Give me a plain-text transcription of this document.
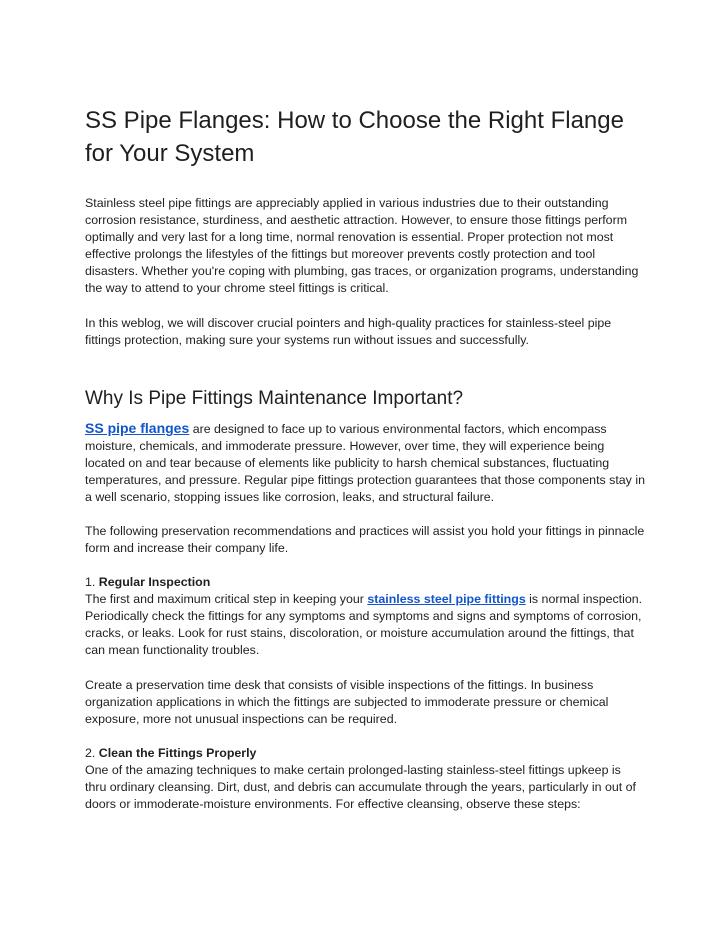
SS Pipe Flanges: How to Choose the Right Flange for Your System

Stainless steel pipe fittings are appreciably applied in various industries due to their outstanding corrosion resistance, sturdiness, and aesthetic attraction. However, to ensure those fittings perform optimally and very last for a long time, normal renovation is essential. Proper protection not most effective prolongs the lifestyles of the fittings but moreover prevents costly protection and tool disasters. Whether you're coping with plumbing, gas traces, or organization programs, understanding the way to attend to your chrome steel fittings is critical.

In this weblog, we will discover crucial pointers and high-quality practices for stainless-steel pipe fittings protection, making sure your systems run without issues and successfully.

Why Is Pipe Fittings Maintenance Important?

SS pipe flanges are designed to face up to various environmental factors, which encompass moisture, chemicals, and immoderate pressure. However, over time, they will experience being located on and tear because of elements like publicity to harsh chemical substances, fluctuating temperatures, and pressure. Regular pipe fittings protection guarantees that those components stay in a well scenario, stopping issues like corrosion, leaks, and structural failure.

The following preservation recommendations and practices will assist you hold your fittings in pinnacle form and increase their company life.

1. Regular Inspection
The first and maximum critical step in keeping your stainless steel pipe fittings is normal inspection. Periodically check the fittings for any symptoms and symptoms and signs and symptoms of corrosion, cracks, or leaks. Look for rust stains, discoloration, or moisture accumulation around the fittings, that can mean functionality troubles.

Create a preservation time desk that consists of visible inspections of the fittings. In business organization applications in which the fittings are subjected to immoderate pressure or chemical exposure, more not unusual inspections can be required.

2. Clean the Fittings Properly
One of the amazing techniques to make certain prolonged-lasting stainless-steel fittings upkeep is thru ordinary cleansing. Dirt, dust, and debris can accumulate through the years, particularly in out of doors or immoderate-moisture environments. For effective cleansing, observe these steps:
